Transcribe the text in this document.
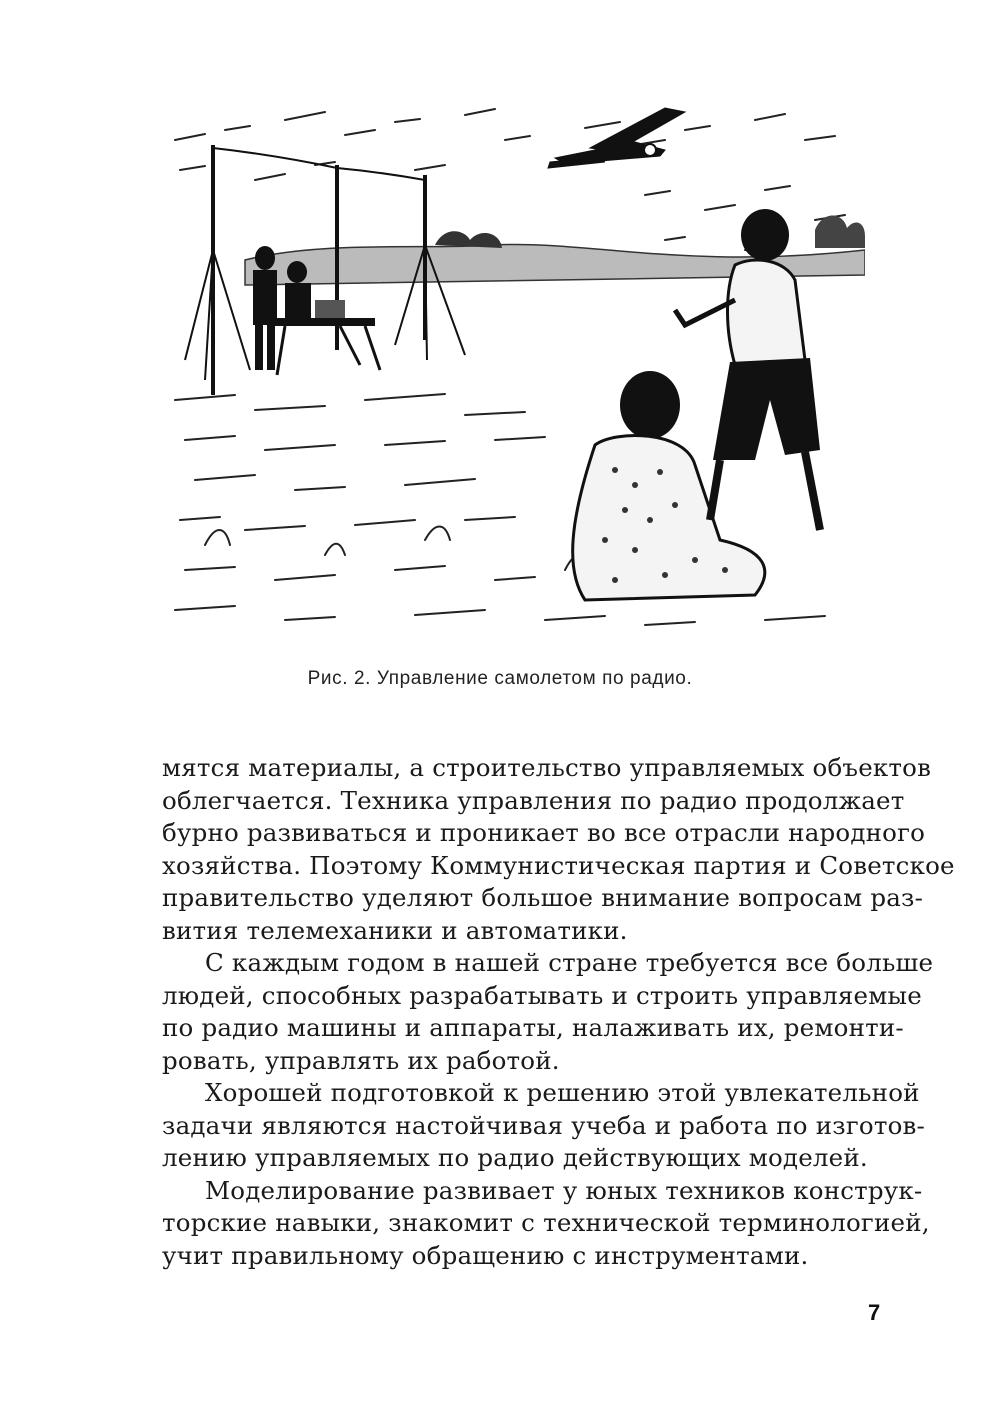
Рис. 2. Управление самолетом по радио.
мятся материалы, а строительство управляемых объектов
облегчается. Техника управления по радио продолжает
бурно развиваться и проникает во все отрасли народного
хозяйства. Поэтому Коммунистическая партия и Советское
правительство уделяют большое внимание вопросам раз-
вития телемеханики и автоматики.
С каждым годом в нашей стране требуется все больше
людей, способных разрабатывать и строить управляемые
по радио машины и аппараты, налаживать их, ремонти-
ровать, управлять их работой.
Хорошей подготовкой к решению этой увлекательной
задачи являются настойчивая учеба и работа по изготов-
лению управляемых по радио действующих моделей.
Моделирование развивает у юных техников конструк-
торские навыки, знакомит с технической терминологией,
учит правильному обращению с инструментами.
7
